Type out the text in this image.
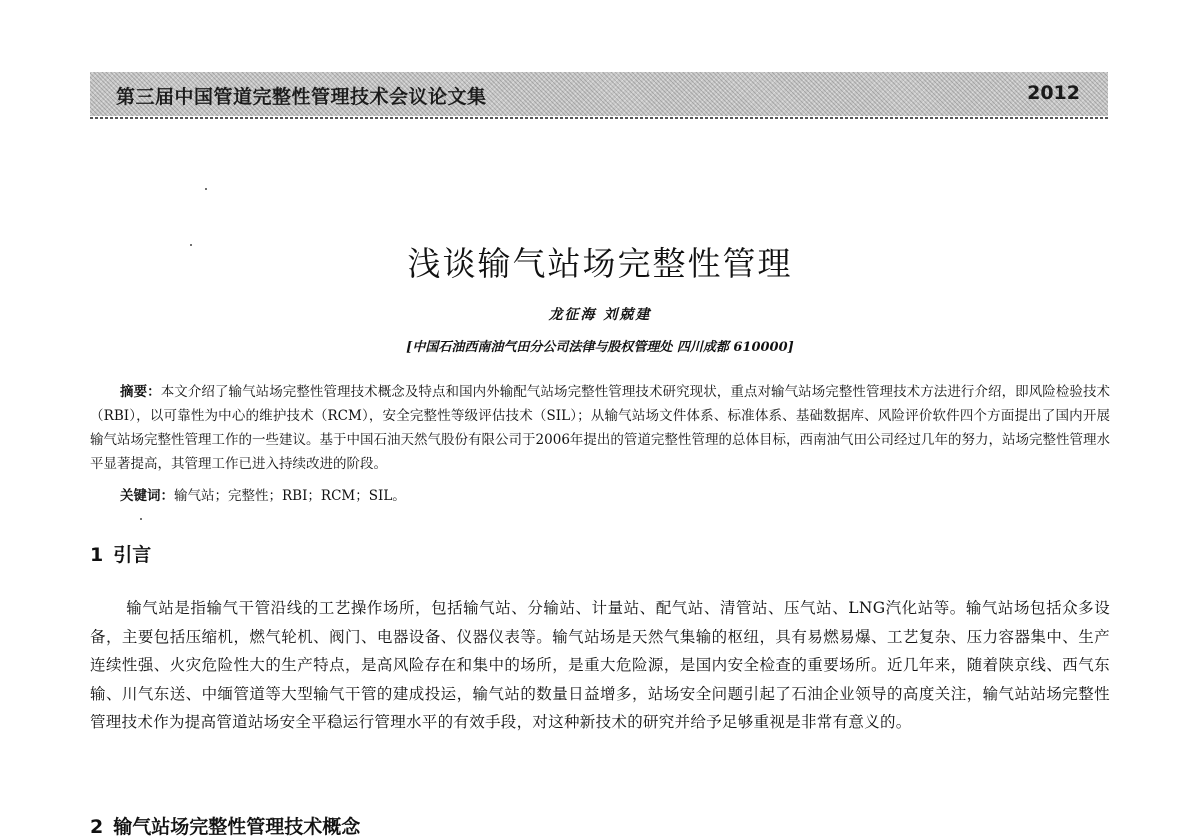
第三届中国管道完整性管理技术会议论文集	2012
浅谈输气站场完整性管理
龙征海 刘兢建
[中国石油西南油气田分公司法律与股权管理处 四川成都 610000]
摘要：本文介绍了输气站场完整性管理技术概念及特点和国内外输配气站场完整性管理技术研究现状，重点对输气站场完整性管理技术方法进行介绍，即风险检验技术（RBI），以可靠性为中心的维护技术（RCM），安全完整性等级评估技术（SIL）；从输气站场文件体系、标准体系、基础数据库、风险评价软件四个方面提出了国内开展输气站场完整性管理工作的一些建议。基于中国石油天然气股份有限公司于2006年提出的管道完整性管理的总体目标，西南油气田公司经过几年的努力，站场完整性管理水平显著提高，其管理工作已进入持续改进的阶段。
关键词：输气站；完整性；RBI；RCM；SIL。
1 引言
输气站是指输气干管沿线的工艺操作场所，包括输气站、分输站、计量站、配气站、清管站、压气站、LNG汽化站等。输气站场包括众多设备，主要包括压缩机，燃气轮机、阀门、电器设备、仪器仪表等。输气站场是天然气集输的枢纽，具有易燃易爆、工艺复杂、压力容器集中、生产连续性强、火灾危险性大的生产特点，是高风险存在和集中的场所，是重大危险源，是国内安全检查的重要场所。近几年来，随着陕京线、西气东输、川气东送、中缅管道等大型输气干管的建成投运，输气站的数量日益增多，站场安全问题引起了石油企业领导的高度关注，输气站站场完整性管理技术作为提高管道站场安全平稳运行管理水平的有效手段，对这种新技术的研究并给予足够重视是非常有意义的。
2 输气站场完整性管理技术概念
